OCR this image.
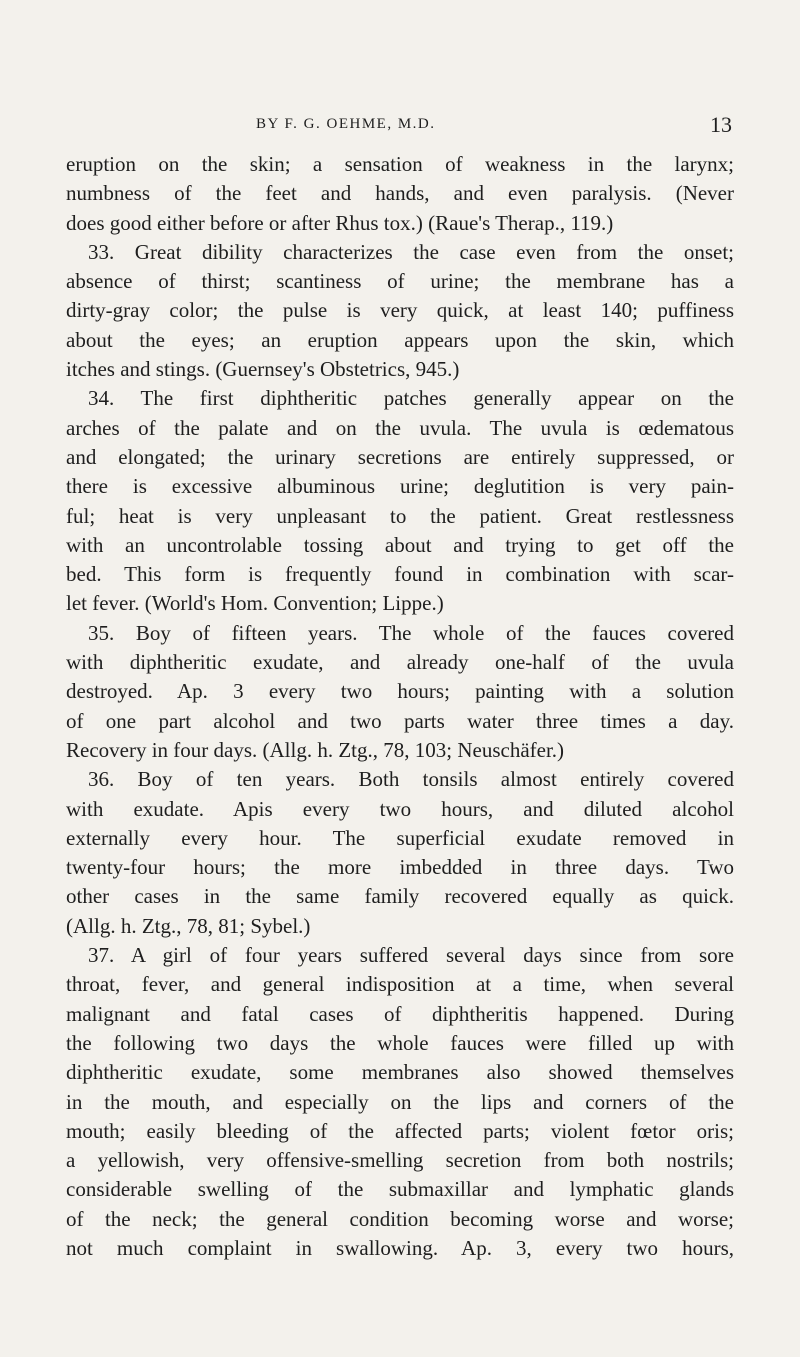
BY F. G. OEHME, M.D.	13
eruption on the skin; a sensation of weakness in the larynx;
numbness of the feet and hands, and even paralysis. (Never
does good either before or after Rhus tox.) (Raue's Therap., 119.)
33. Great dibility characterizes the case even from the onset;
absence of thirst; scantiness of urine; the membrane has a
dirty-gray color; the pulse is very quick, at least 140; puffiness
about the eyes; an eruption appears upon the skin, which
itches and stings. (Guernsey's Obstetrics, 945.)
34. The first diphtheritic patches generally appear on the
arches of the palate and on the uvula. The uvula is œdematous
and elongated; the urinary secretions are entirely suppressed, or
there is excessive albuminous urine; deglutition is very pain-
ful; heat is very unpleasant to the patient. Great restlessness
with an uncontrolable tossing about and trying to get off the
bed. This form is frequently found in combination with scar-
let fever. (World's Hom. Convention; Lippe.)
35. Boy of fifteen years. The whole of the fauces covered
with diphtheritic exudate, and already one-half of the uvula
destroyed. Ap. 3 every two hours; painting with a solution
of one part alcohol and two parts water three times a day.
Recovery in four days. (Allg. h. Ztg., 78, 103; Neuschäfer.)
36. Boy of ten years. Both tonsils almost entirely covered
with exudate. Apis every two hours, and diluted alcohol
externally every hour. The superficial exudate removed in
twenty-four hours; the more imbedded in three days. Two
other cases in the same family recovered equally as quick.
(Allg. h. Ztg., 78, 81; Sybel.)
37. A girl of four years suffered several days since from sore
throat, fever, and general indisposition at a time, when several
malignant and fatal cases of diphtheritis happened. During
the following two days the whole fauces were filled up with
diphtheritic exudate, some membranes also showed themselves
in the mouth, and especially on the lips and corners of the
mouth; easily bleeding of the affected parts; violent fœtor oris;
a yellowish, very offensive-smelling secretion from both nostrils;
considerable swelling of the submaxillar and lymphatic glands
of the neck; the general condition becoming worse and worse;
not much complaint in swallowing. Ap. 3, every two hours,
